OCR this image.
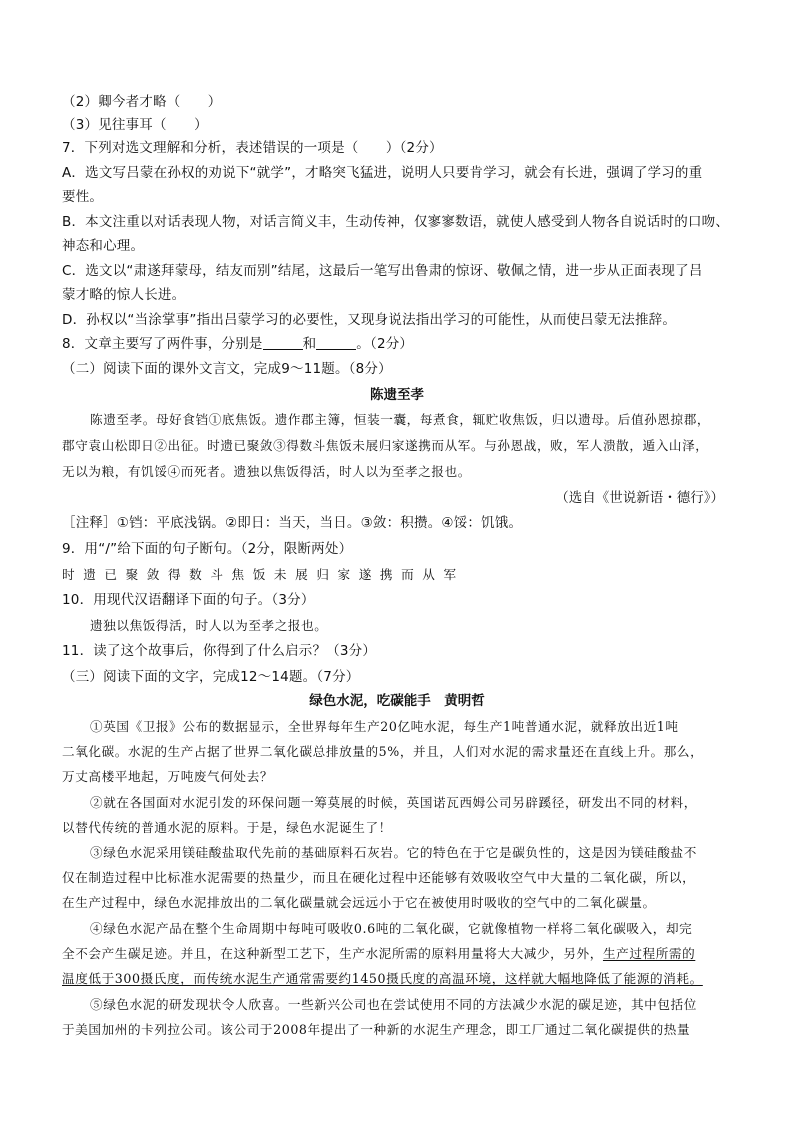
（2）卿今者才略（　　）
（3）见往事耳（　　）
7．下列对选文理解和分析，表述错误的一项是（　　）（2分）
A．选文写吕蒙在孙权的劝说下“就学”，才略突飞猛进，说明人只要肯学习，就会有长进，强调了学习的重
要性。
B．本文注重以对话表现人物，对话言简义丰，生动传神，仅寥寥数语，就使人感受到人物各自说话时的口吻、
神态和心理。
C．选文以“肃遂拜蒙母，结友而别”结尾，这最后一笔写出鲁肃的惊讶、敬佩之情，进一步从正面表现了吕
蒙才略的惊人长进。
D．孙权以“当涂掌事”指出吕蒙学习的必要性，又现身说法指出学习的可能性，从而使吕蒙无法推辞。
8．文章主要写了两件事，分别是	和	。（2分）
（二）阅读下面的课外文言文，完成9～11题。（8分）
陈遗至孝
陈遗至孝。母好食铛①底焦饭。遗作郡主簿，恒装一囊，每煮食，辄贮收焦饭，归以遗母。后值孙恩掠郡，
郡守袁山松即日②出征。时遗已聚敛③得数斗焦饭未展归家遂携而从军。与孙恩战，败，军人溃散，遁入山泽，
无以为粮，有饥馁④而死者。遗独以焦饭得活，时人以为至孝之报也。
（选自《世说新语・德行》）
［注释］①铛：平底浅锅。②即日：当天，当日。③敛：积攒。④馁：饥饿。
9．用“/”给下面的句子断句。（2分，限断两处）
时遗已聚敛得数斗焦饭未展归家遂携而从军
10．用现代汉语翻译下面的句子。（3分）
遗独以焦饭得活，时人以为至孝之报也。
11．读了这个故事后，你得到了什么启示？（3分）
（三）阅读下面的文字，完成12～14题。（7分）
绿色水泥，吃碳能手　黄明哲
①英国《卫报》公布的数据显示，全世界每年生产20亿吨水泥，每生产1吨普通水泥，就释放出近1吨
二氧化碳。水泥的生产占据了世界二氧化碳总排放量的5%，并且，人们对水泥的需求量还在直线上升。那么，
万丈高楼平地起，万吨废气何处去？
②就在各国面对水泥引发的环保问题一筹莫展的时候，英国诺瓦西姆公司另辟蹊径，研发出不同的材料，
以替代传统的普通水泥的原料。于是，绿色水泥诞生了！
③绿色水泥采用镁硅酸盐取代先前的基础原料石灰岩。它的特色在于它是碳负性的，这是因为镁硅酸盐不
仅在制造过程中比标准水泥需要的热量少，而且在硬化过程中还能够有效吸收空气中大量的二氧化碳，所以，
在生产过程中，绿色水泥排放出的二氧化碳量就会远远小于它在被使用时吸收的空气中的二氧化碳量。
④绿色水泥产品在整个生命周期中每吨可吸收0.6吨的二氧化碳，它就像植物一样将二氧化碳吸入，却完
全不会产生碳足迹。并且，在这种新型工艺下，生产水泥所需的原料用量将大大减少，另外，生产过程所需的
温度低于300摄氏度，而传统水泥生产通常需要约1450摄氏度的高温环境，这样就大幅地降低了能源的消耗。
⑤绿色水泥的研发现状令人欣喜。一些新兴公司也在尝试使用不同的方法减少水泥的碳足迹，其中包括位
于美国加州的卡列拉公司。该公司于2008年提出了一种新的水泥生产理念，即工厂通过二氧化碳提供的热量
